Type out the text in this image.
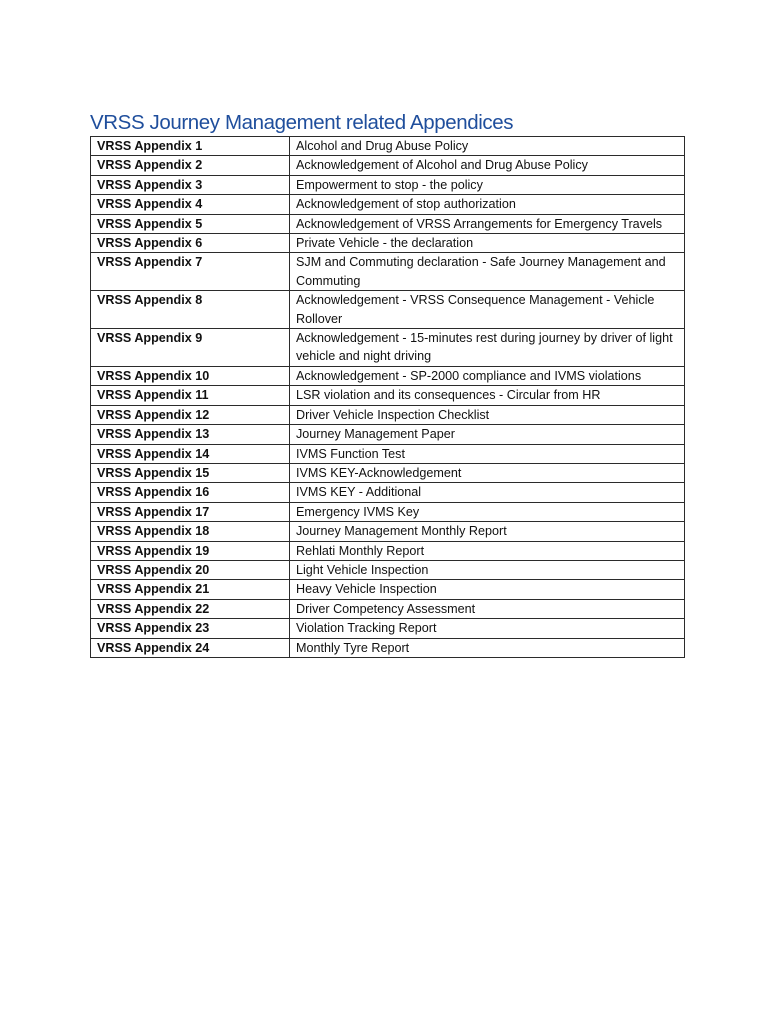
VRSS Journey Management related Appendices
VRSS Appendix 1	Alcohol and Drug Abuse Policy
VRSS Appendix 2	Acknowledgement of Alcohol and Drug Abuse Policy
VRSS Appendix 3	Empowerment to stop - the policy
VRSS Appendix 4	Acknowledgement of stop authorization
VRSS Appendix 5	Acknowledgement of VRSS Arrangements for Emergency Travels
VRSS Appendix 6	Private Vehicle - the declaration
VRSS Appendix 7	SJM and Commuting declaration - Safe Journey Management and Commuting
VRSS Appendix 8	Acknowledgement - VRSS Consequence Management - Vehicle Rollover
VRSS Appendix 9	Acknowledgement - 15-minutes rest during journey by driver of light vehicle and night driving
VRSS Appendix 10	Acknowledgement - SP-2000 compliance and IVMS violations
VRSS Appendix 11	LSR violation and its consequences - Circular from HR
VRSS Appendix 12	Driver Vehicle Inspection Checklist
VRSS Appendix 13	Journey Management Paper
VRSS Appendix 14	IVMS Function Test
VRSS Appendix 15	IVMS KEY-Acknowledgement
VRSS Appendix 16	IVMS KEY - Additional
VRSS Appendix 17	Emergency IVMS Key
VRSS Appendix 18	Journey Management Monthly Report
VRSS Appendix 19	Rehlati Monthly Report
VRSS Appendix 20	Light Vehicle Inspection
VRSS Appendix 21	Heavy Vehicle Inspection
VRSS Appendix 22	Driver Competency Assessment
VRSS Appendix 23	Violation Tracking Report
VRSS Appendix 24	Monthly Tyre Report
